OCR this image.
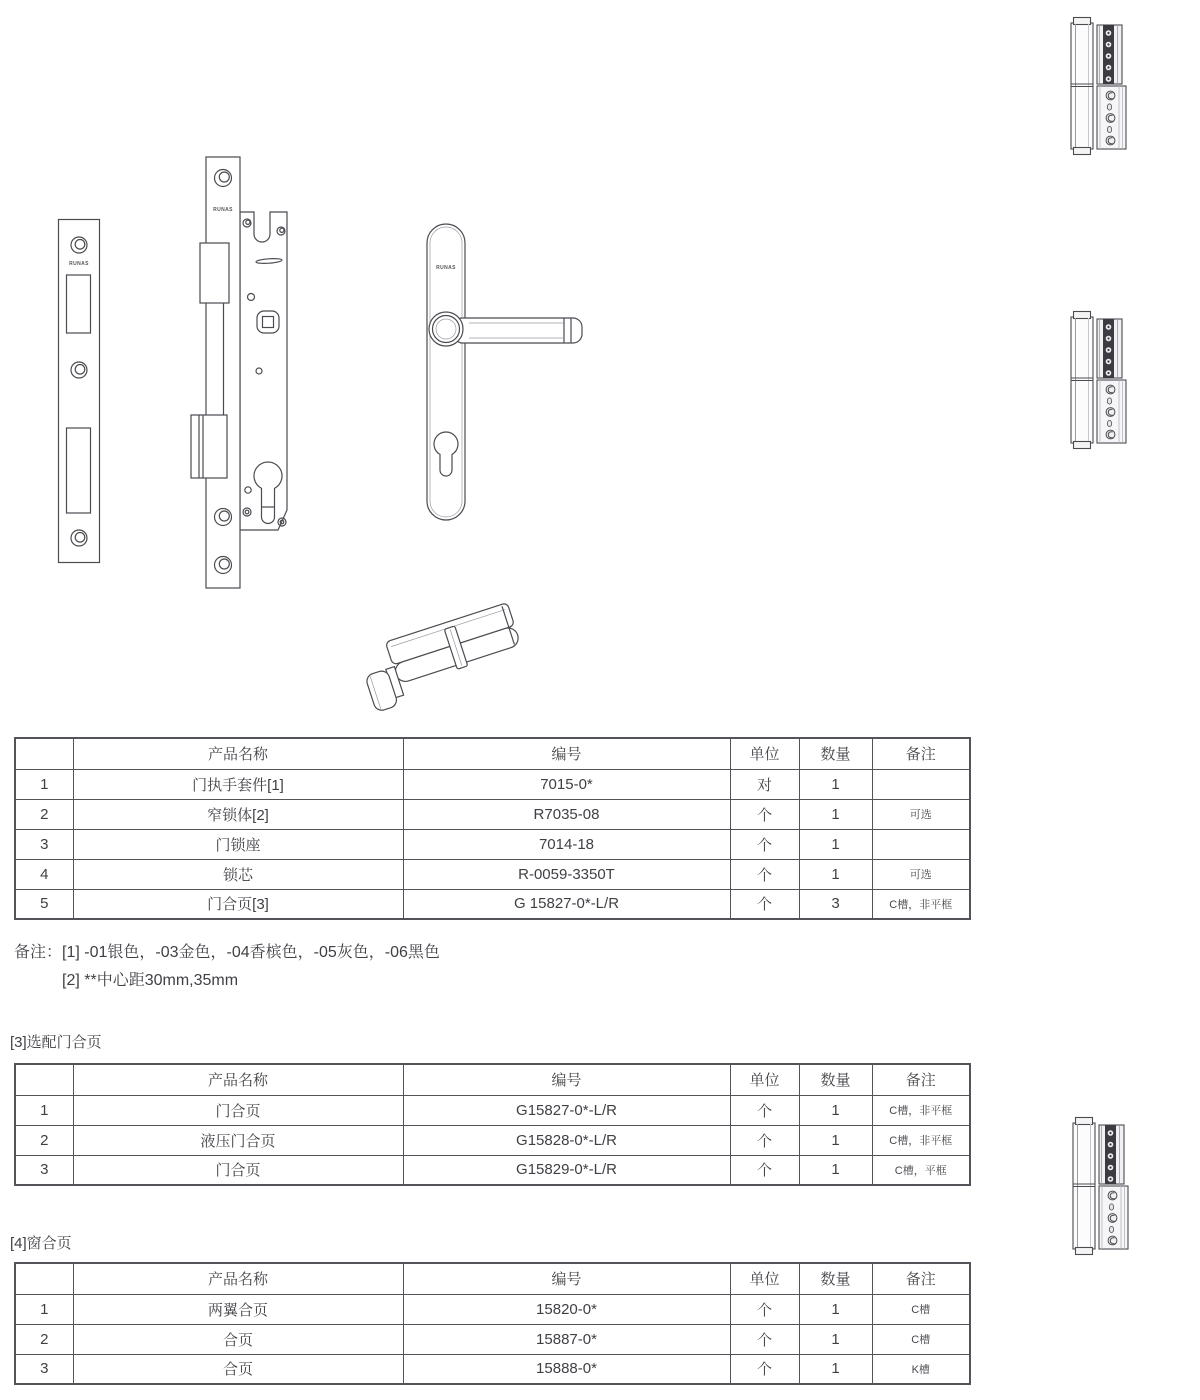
RUNAS
RUNAS
RUNAS
	产品名称	编号	单位	数量	备注
1	门执手套件[1]	7015-0*	对	1	
2	窄锁体[2]	R7035-08	个	1	可选
3	门锁座	7014-18	个	1	
4	锁芯	R-0059-3350T	个	1	可选
5	门合页[3]	G 15827-0*-L/R	个	3	C槽，非平框
备注：[1] -01银色，-03金色，-04香槟色，-05灰色，-06黑色
[2] **中心距30mm,35mm
[3]选配门合页
	产品名称	编号	单位	数量	备注
1	门合页	G15827-0*-L/R	个	1	C槽，非平框
2	液压门合页	G15828-0*-L/R	个	1	C槽，非平框
3	门合页	G15829-0*-L/R	个	1	C槽，平框
[4]窗合页
	产品名称	编号	单位	数量	备注
1	两翼合页	15820-0*	个	1	C槽
2	合页	15887-0*	个	1	C槽
3	合页	15888-0*	个	1	K槽
